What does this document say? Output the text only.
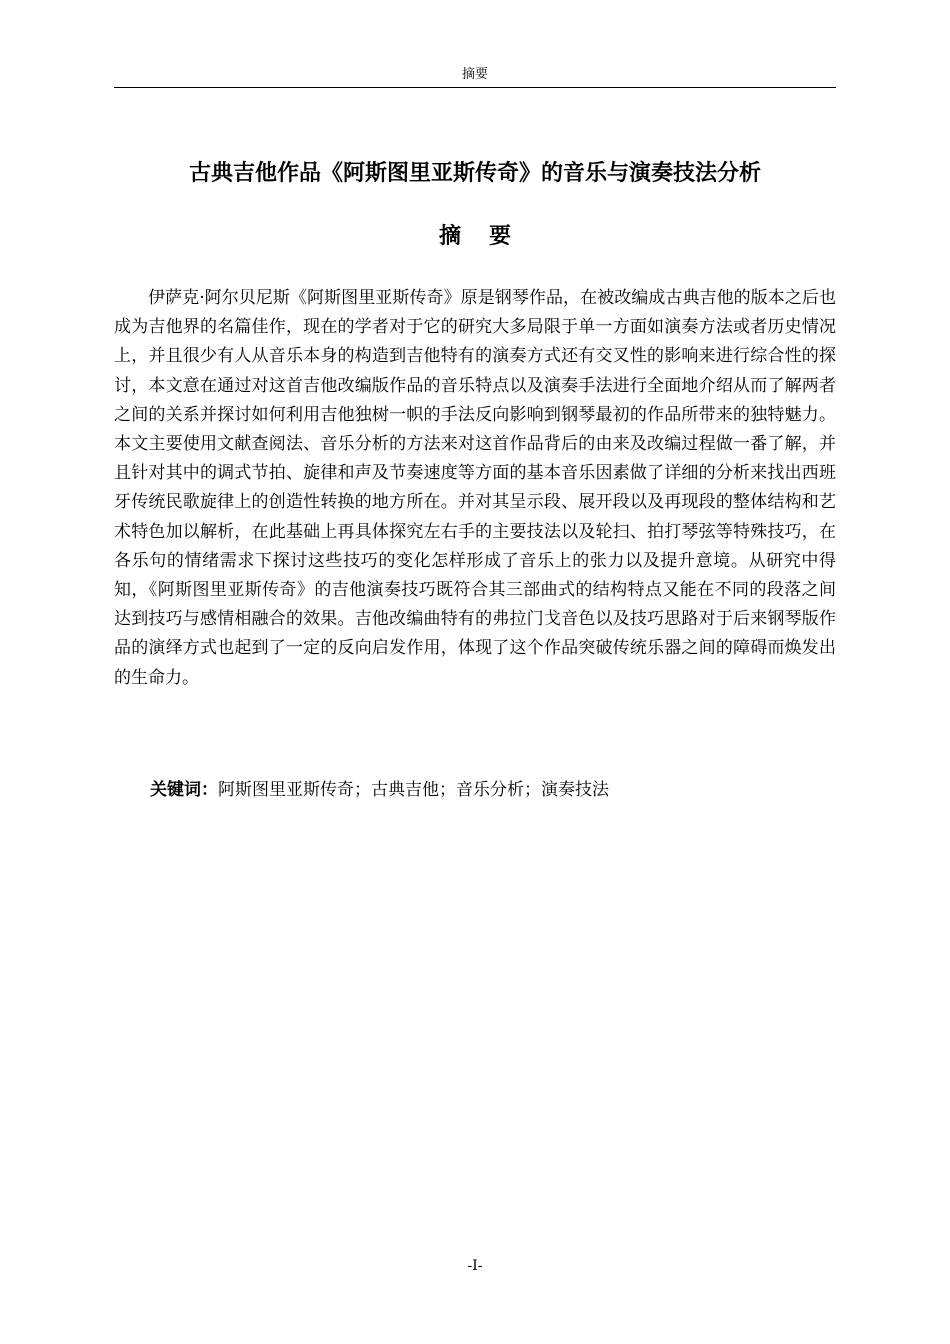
摘要
古典吉他作品《阿斯图里亚斯传奇》的音乐与演奏技法分析
摘要

伊萨克·阿尔贝尼斯《阿斯图里亚斯传奇》原是钢琴作品，在被改编成古典吉他的版本之后也成为吉他界的名篇佳作，现在的学者对于它的研究大多局限于单一方面如演奏方法或者历史情况上，并且很少有人从音乐本身的构造到吉他特有的演奏方式还有交叉性的影响来进行综合性的探讨，本文意在通过对这首吉他改编版作品的音乐特点以及演奏手法进行全面地介绍从而了解两者之间的关系并探讨如何利用吉他独树一帜的手法反向影响到钢琴最初的作品所带来的独特魅力。本文主要使用文献查阅法、音乐分析的方法来对这首作品背后的由来及改编过程做一番了解，并且针对其中的调式节拍、旋律和声及节奏速度等方面的基本音乐因素做了详细的分析来找出西班牙传统民歌旋律上的创造性转换的地方所在。并对其呈示段、展开段以及再现段的整体结构和艺术特色加以解析，在此基础上再具体探究左右手的主要技法以及轮扫、拍打琴弦等特殊技巧，在各乐句的情绪需求下探讨这些技巧的变化怎样形成了音乐上的张力以及提升意境。从研究中得知，《阿斯图里亚斯传奇》的吉他演奏技巧既符合其三部曲式的结构特点又能在不同的段落之间达到技巧与感情相融合的效果。吉他改编曲特有的弗拉门戈音色以及技巧思路对于后来钢琴版作品的演绎方式也起到了一定的反向启发作用，体现了这个作品突破传统乐器之间的障碍而焕发出的生命力。

关键词：阿斯图里亚斯传奇；古典吉他；音乐分析；演奏技法
-I-
